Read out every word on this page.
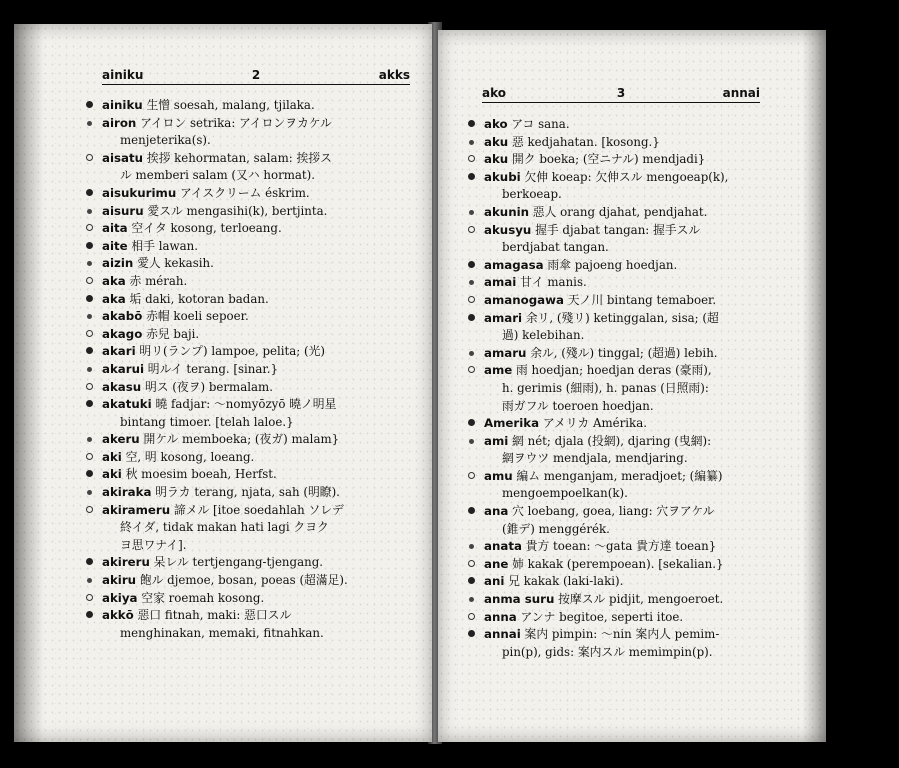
ainiku	2	akks
ainiku 生憎 soesah, malang, tjilaka.
airon アイロン setrika: アイロンヲカケル
menjeterika(s).
aisatu 挨拶 kehormatan, salam: 挨拶ス
ル memberi salam (又ハ hormat).
aisukurimu アイスクリーム éskrim.
aisuru 愛スル mengasihi(k), bertjinta.
aita 空イタ kosong, terloeang.
aite 相手 lawan.
aizin 愛人 kekasih.
aka 赤 mérah.
aka 垢 daki, kotoran badan.
akabō 赤帽 koeli sepoer.
akago 赤兒 baji.
akari 明リ(ランプ) lampoe, pelita; (光)
akarui 明ルイ terang. [sinar.}
akasu 明ス (夜ヲ) bermalam.
akatuki 曉 fadjar: ～nomyōzyō 曉ノ明星
bintang timoer. [telah laloe.}
akeru 開ケル memboeka; (夜ガ) malam}
aki 空, 明 kosong, loeang.
aki 秋 moesim boeah, Herfst.
akiraka 明ラカ terang, njata, sah (明瞭).
akirameru 諦メル [itoe soedahlah ソレデ
終イダ, tidak makan hati lagi クヨク
ヨ思ワナイ].
akireru 呆レル tertjengang-tjengang.
akiru 飽ル djemoe, bosan, poeas (超滿足).
akiya 空家 roemah kosong.
akkō 惡口 fitnah, maki: 惡口スル
menghinakan, memaki, fitnahkan.
ako	3	annai
ako アコ sana.
aku 惡 kedjahatan. [kosong.}
aku 開ク boeka; (空ニナル) mendjadi}
akubi 欠伸 koeap: 欠伸スル mengoeap(k),
berkoeap.
akunin 惡人 orang djahat, pendjahat.
akusyu 握手 djabat tangan: 握手スル
berdjabat tangan.
amagasa 雨傘 pajoeng hoedjan.
amai 甘イ manis.
amanogawa 天ノ川 bintang temaboer.
amari 余リ, (殘リ) ketinggalan, sisa; (超
過) kelebihan.
amaru 余ル, (殘ル) tinggal; (超過) lebih.
ame 雨 hoedjan; hoedjan deras (豪雨),
h. gerimis (細雨), h. panas (日照雨):
雨ガフル toeroen hoedjan.
Amerika アメリカ Amérika.
ami 網 nét; djala (投網), djaring (曳網):
網ヲウツ mendjala, mendjaring.
amu 編ム menganjam, meradjoet; (編纂)
mengoempoelkan(k).
ana 穴 loebang, goea, liang: 穴ヲアケル
(錐デ) menggérék.
anata 貴方 toean: ～gata 貴方達 toean}
ane 姉 kakak (perempoean). [sekalian.}
ani 兄 kakak (laki-laki).
anma suru 按摩スル pidjit, mengoeroet.
anna アンナ begitoe, seperti itoe.
annai 案内 pimpin: ～nin 案内人 pemim-
pin(p), gids: 案内スル memimpin(p).
